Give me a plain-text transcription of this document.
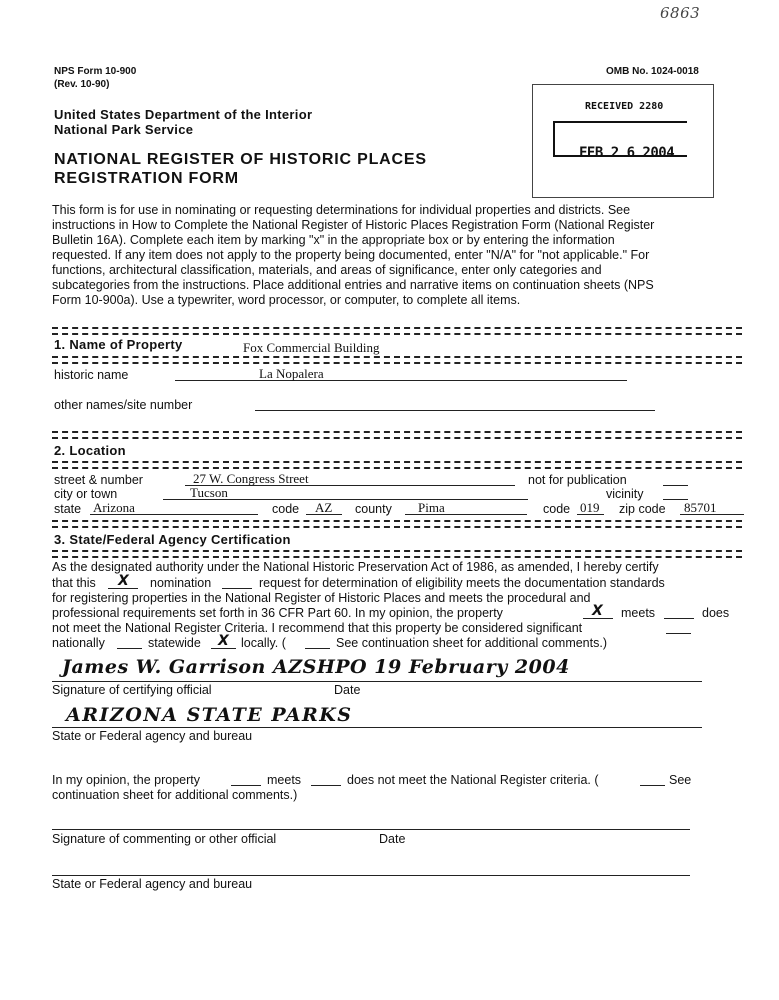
6863
NPS Form 10-900
(Rev. 10-90)
OMB No. 1024-0018
United States Department of the Interior
National Park Service
NATIONAL REGISTER OF HISTORIC PLACES
REGISTRATION FORM
RECEIVED 2280
FEB 2 6 2004
This form is for use in nominating or requesting determinations for individual properties and districts. See
instructions in How to Complete the National Register of Historic Places Registration Form (National Register
Bulletin 16A). Complete each item by marking "x" in the appropriate box or by entering the information
requested. If any item does not apply to the property being documented, enter "N/A" for "not applicable." For
functions, architectural classification, materials, and areas of significance, enter only categories and
subcategories from the instructions. Place additional entries and narrative items on continuation sheets (NPS
Form 10-900a). Use a typewriter, word processor, or computer, to complete all items.
1. Name of Property	Fox Commercial Building
historic name	La Nopalera
other names/site number
2. Location
street & number	27 W. Congress Street	not for publication
city or town	Tucson	vicinity
state Arizona	code AZ county Pima	code 019 zip code 85701
3. State/Federal Agency Certification
As the designated authority under the National Historic Preservation Act of 1986, as amended, I hereby certify
that this X nomination	request for determination of eligibility meets the documentation standards
for registering properties in the National Register of Historic Places and meets the procedural and
professional requirements set forth in 36 CFR Part 60. In my opinion, the property	X meets	does
not meet the National Register Criteria. I recommend that this property be considered significant
nationally	statewide X locally. (	See continuation sheet for additional comments.)
James W. Garrison AZSHPO 19 February 2004
Signature of certifying official	Date
ARIZONA STATE PARKS
State or Federal agency and bureau
In my opinion, the property	meets	does not meet the National Register criteria. (	See
continuation sheet for additional comments.)
Signature of commenting or other official	Date
State or Federal agency and bureau
